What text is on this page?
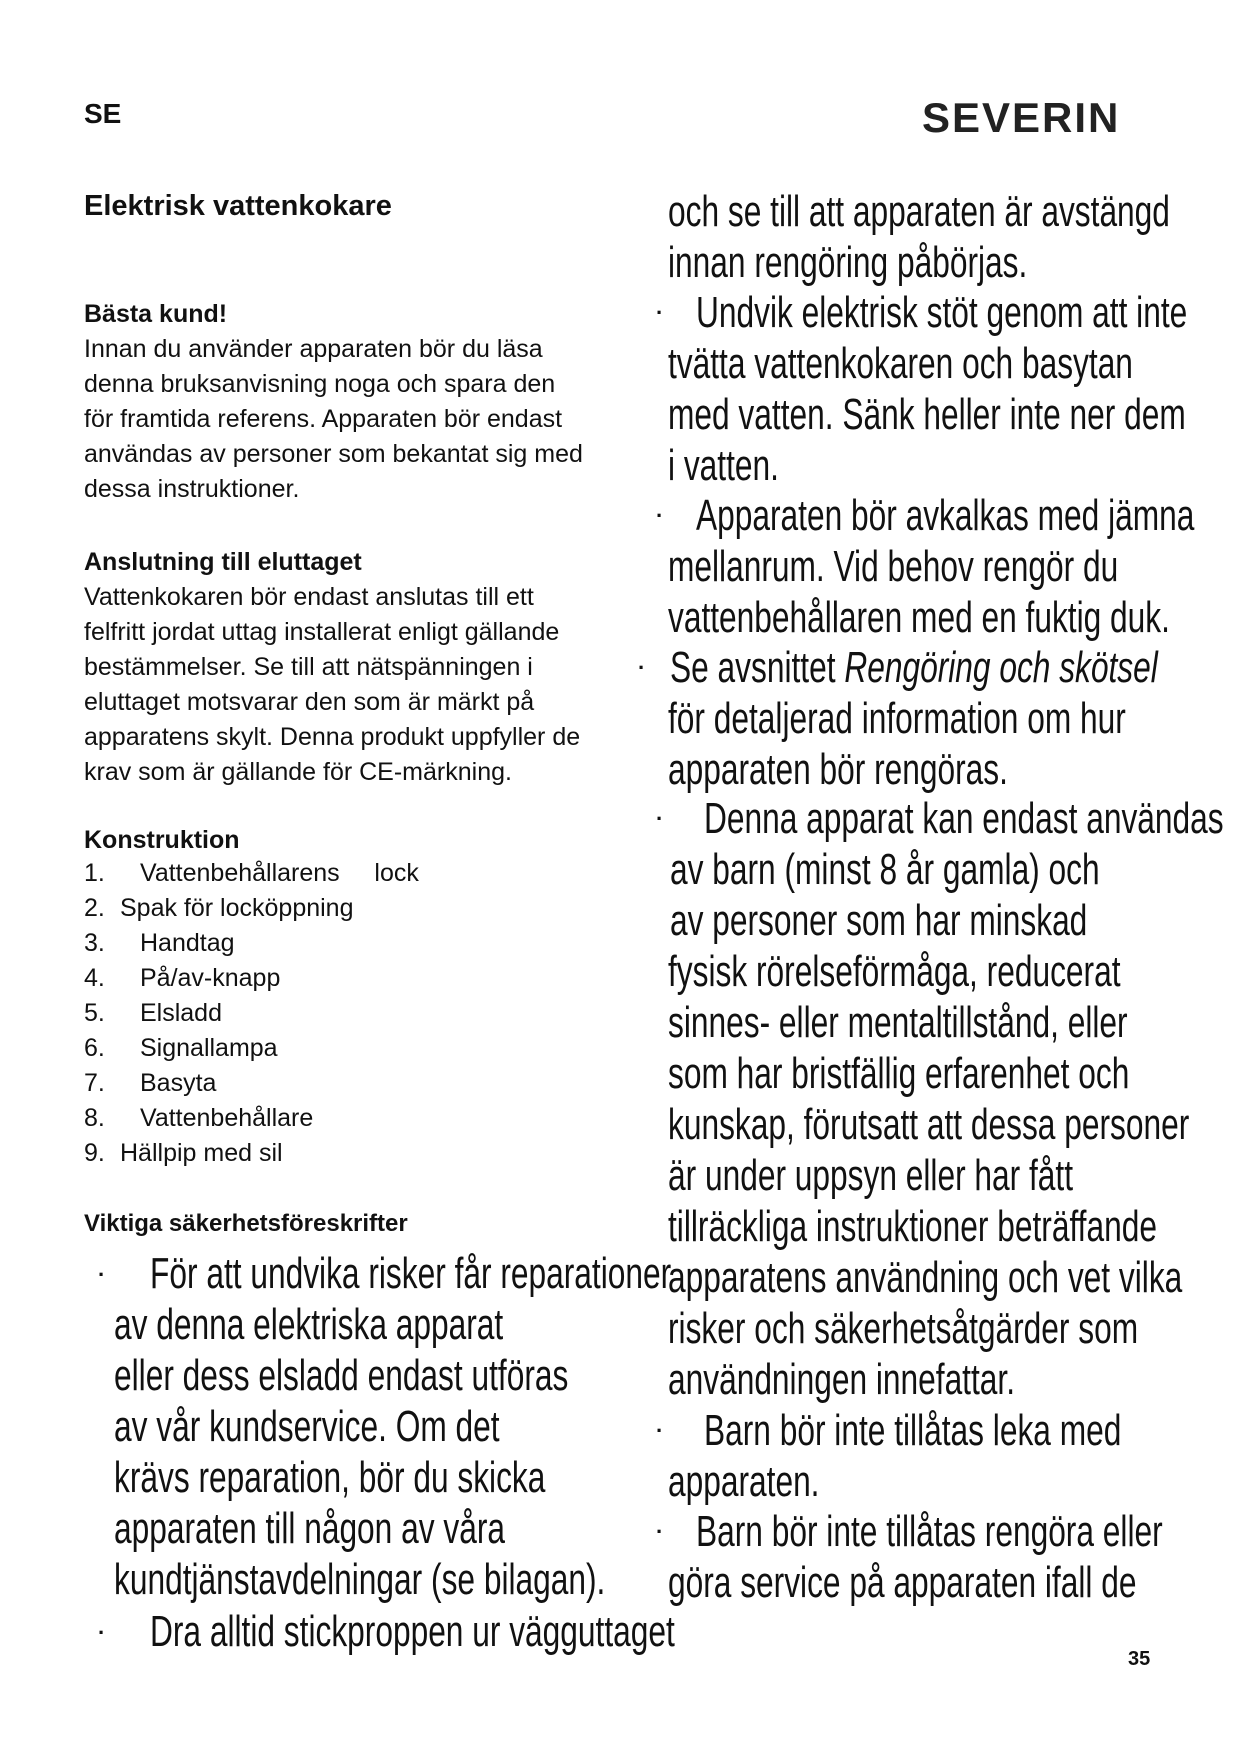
SE	SEVERIN
Elektrisk vattenkokare
Bästa kund!

Innan du använder apparaten bör du läsa

denna bruksanvisning noga och spara den

för framtida referens. Apparaten bör endast

användas av personer som bekantat sig med

dessa instruktioner.

Anslutning till eluttaget

Vattenkokaren bör endast anslutas till ett

felfritt jordat uttag installerat enligt gällande

bestämmelser. Se till att nätspänningen i

eluttaget motsvarar den som är märkt på

apparatens skylt. Denna produkt uppfyller de

krav som är gällande för CE-märkning.

Konstruktion
1. Vattenbehållarens     lock
2. Spak för locköppning
3. Handtag
4. På/av-knapp
5. Elsladd
6. Signallampa
7. Basyta
8. Vattenbehållare
9. Hällpip med sil
Viktiga säkerhetsföreskrifter
· För att undvika risker får reparationer

av denna elektriska apparat

eller dess elsladd endast utföras

av vår kundservice. Om det

krävs reparation, bör du skicka

apparaten till någon av våra

kundtjänstavdelningar (se bilagan).

· Dra alltid stickproppen ur vägguttaget

och se till att apparaten är avstängd

innan rengöring påbörjas.

· Undvik elektrisk stöt genom att inte

tvätta vattenkokaren och basytan

med vatten. Sänk heller inte ner dem

i vatten.

· Apparaten bör avkalkas med jämna

mellanrum. Vid behov rengör du

vattenbehållaren med en fuktig duk.

· Se avsnittet Rengöring och skötsel

för detaljerad information om hur

apparaten bör rengöras.

· Denna apparat kan endast användas

av barn (minst 8 år gamla) och

av personer som har minskad

fysisk rörelseförmåga, reducerat

sinnes- eller mentaltillstånd, eller

som har bristfällig erfarenhet och

kunskap, förutsatt att dessa personer

är under uppsyn eller har fått

tillräckliga instruktioner beträffande

apparatens användning och vet vilka

risker och säkerhetsåtgärder som

användningen innefattar.

· Barn bör inte tillåtas leka med

apparaten.

· Barn bör inte tillåtas rengöra eller

göra service på apparaten ifall de

35
